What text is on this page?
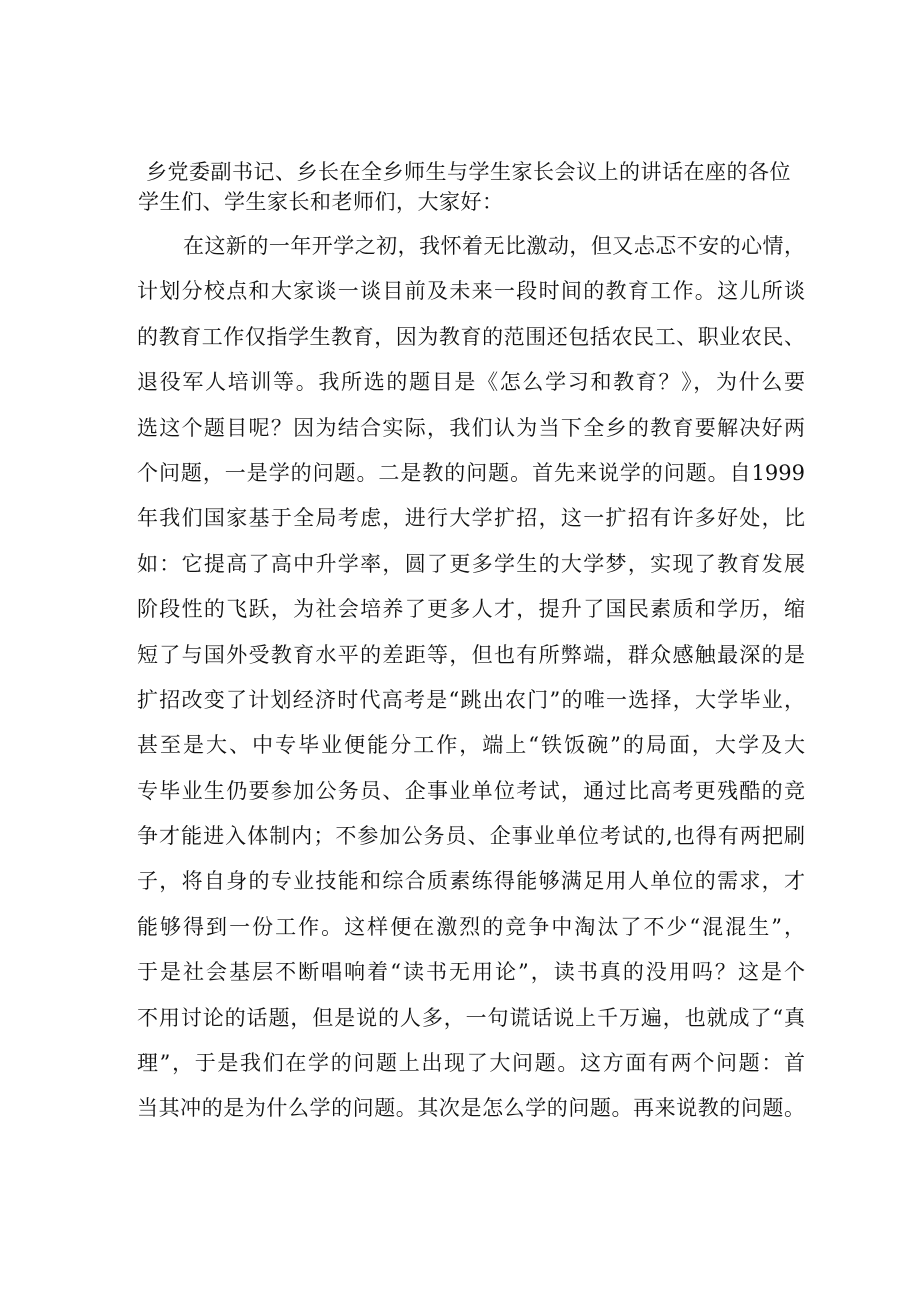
乡党委副书记、乡长在全乡师生与学生家长会议上的讲话在座的各位学生们、学生家长和老师们，大家好：

在这新的一年开学之初，我怀着无比激动，但又忐忑不安的心情，
计划分校点和大家谈一谈目前及未来一段时间的教育工作。这儿所谈
的教育工作仅指学生教育，因为教育的范围还包括农民工、职业农民、
退役军人培训等。我所选的题目是《怎么学习和教育？》，为什么要
选这个题目呢？因为结合实际，我们认为当下全乡的教育要解决好两
个问题，一是学的问题。二是教的问题。首先来说学的问题。自1999
年我们国家基于全局考虑，进行大学扩招，这一扩招有许多好处，比
如：它提高了高中升学率，圆了更多学生的大学梦，实现了教育发展
阶段性的飞跃，为社会培养了更多人才，提升了国民素质和学历，缩
短了与国外受教育水平的差距等，但也有所弊端，群众感触最深的是
扩招改变了计划经济时代高考是“跳出农门”的唯一选择，大学毕业，
甚至是大、中专毕业便能分工作，端上“铁饭碗”的局面，大学及大
专毕业生仍要参加公务员、企事业单位考试，通过比高考更残酷的竞
争才能进入体制内；不参加公务员、企事业单位考试的,也得有两把刷
子，将自身的专业技能和综合质素练得能够满足用人单位的需求，才
能够得到一份工作。这样便在激烈的竞争中淘汰了不少“混混生”，
于是社会基层不断唱响着“读书无用论”，读书真的没用吗？这是个
不用讨论的话题，但是说的人多，一句谎话说上千万遍，也就成了“真
理”，于是我们在学的问题上出现了大问题。这方面有两个问题：首
当其冲的是为什么学的问题。其次是怎么学的问题。再来说教的问题。
